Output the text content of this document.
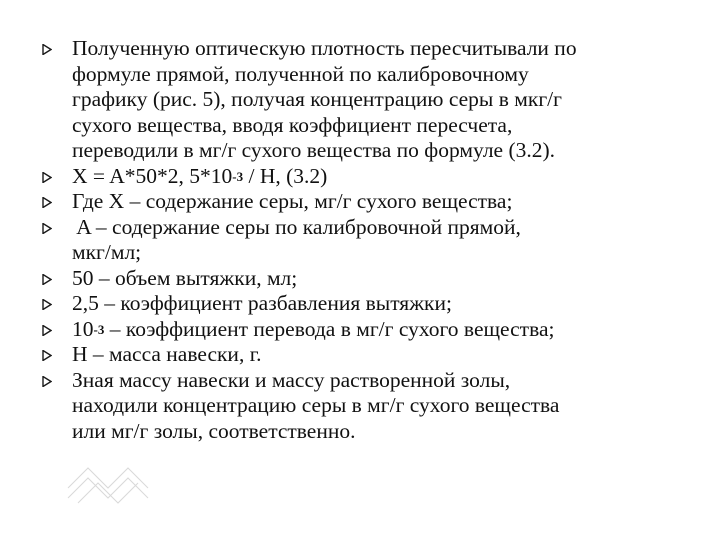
Полученную оптическую плотность пересчитывали по
формуле прямой, полученной по калибровочному
графику (рис. 5), получая концентрацию серы в мкг/г
сухого вещества, вводя коэффициент пересчета,
переводили в мг/г сухого вещества по формуле (3.2).
X = A*50*2, $5*10^{-3}$ / H, (3.2)
Где X – содержание серы, мг/г сухого вещества;
A – содержание серы по калибровочной прямой,
мкг/мл;
50 – объем вытяжки, мл;
2,5 – коэффициент разбавления вытяжки;
$10^{-3}$ – коэффициент перевода в мг/г сухого вещества;
H – масса навески, г.
Зная массу навески и массу растворенной золы,
находили концентрацию серы в мг/г сухого вещества
или мг/г золы, соответственно.
